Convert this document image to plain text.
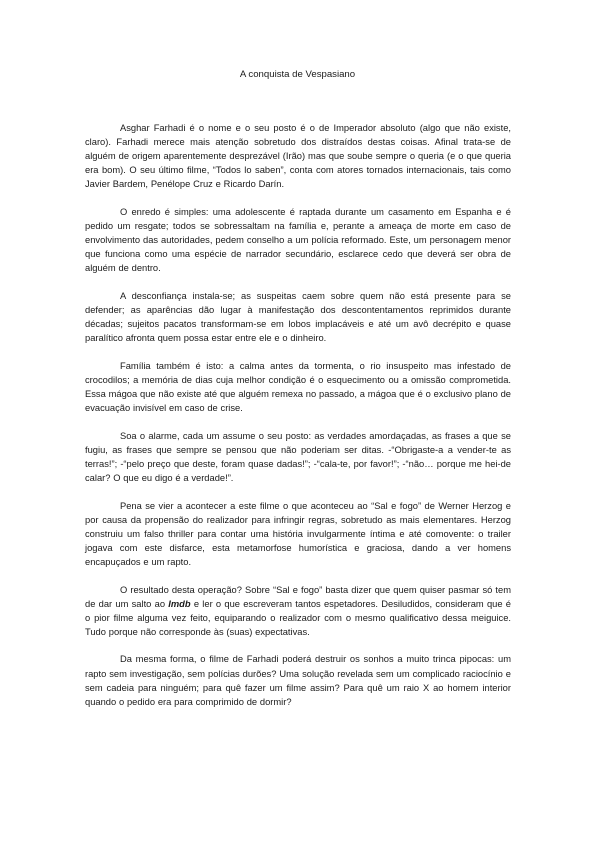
A conquista de Vespasiano

Asghar Farhadi é o nome e o seu posto é o de Imperador absoluto (algo que não existe, claro). Farhadi merece mais atenção sobretudo dos distraídos destas coisas. Afinal trata-se de alguém de origem aparentemente desprezável (Irão) mas que soube sempre o queria (e o que queria era bom). O seu último filme, “Todos lo saben”, conta com atores tornados internacionais, tais como Javier Bardem, Penélope Cruz e Ricardo Darín.

O enredo é simples: uma adolescente é raptada durante um casamento em Espanha e é pedido um resgate; todos se sobressaltam na família e, perante a ameaça de morte em caso de envolvimento das autoridades, pedem conselho a um polícia reformado. Este, um personagem menor que funciona como uma espécie de narrador secundário, esclarece cedo que deverá ser obra de alguém de dentro.

A desconfiança instala-se; as suspeitas caem sobre quem não está presente para se defender; as aparências dão lugar à manifestação dos descontentamentos reprimidos durante décadas; sujeitos pacatos transformam-se em lobos implacáveis e até um avô decrépito e quase paralítico afronta quem possa estar entre ele e o dinheiro.

Família também é isto: a calma antes da tormenta, o rio insuspeito mas infestado de crocodilos; a memória de dias cuja melhor condição é o esquecimento ou a omissão comprometida. Essa mágoa que não existe até que alguém remexa no passado, a mágoa que é o exclusivo plano de evacuação invisível em caso de crise.

Soa o alarme, cada um assume o seu posto: as verdades amordaçadas, as frases a que se fugiu, as frases que sempre se pensou que não poderiam ser ditas. -“Obrigaste-a a vender-te as terras!”; -“pelo preço que deste, foram quase dadas!”; -“cala-te, por favor!”; -“não… porque me hei-de calar? O que eu digo é a verdade!”.

Pena se vier a acontecer a este filme o que aconteceu ao “Sal e fogo” de Werner Herzog e por causa da propensão do realizador para infringir regras, sobretudo as mais elementares. Herzog construiu um falso thriller para contar uma história invulgarmente íntima e até comovente: o trailer jogava com este disfarce, esta metamorfose humorística e graciosa, dando a ver homens encapuçados e um rapto.

O resultado desta operação? Sobre “Sal e fogo” basta dizer que quem quiser pasmar só tem de dar um salto ao Imdb e ler o que escreveram tantos espetadores. Desiludidos, consideram que é o pior filme alguma vez feito, equiparando o realizador com o mesmo qualificativo dessa meiguice. Tudo porque não corresponde às (suas) expectativas.

Da mesma forma, o filme de Farhadi poderá destruir os sonhos a muito trinca pipocas: um rapto sem investigação, sem polícias durões? Uma solução revelada sem um complicado raciocínio e sem cadeia para ninguém; para quê fazer um filme assim? Para quê um raio X ao homem interior quando o pedido era para comprimido de dormir?
